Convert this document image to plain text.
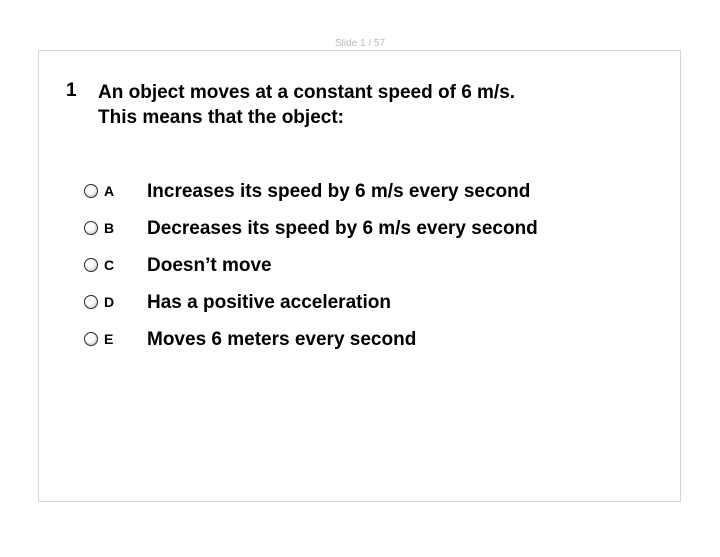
Slide 1 / 57
1 An object moves at a constant speed of 6 m/s.
This means that the object:
A Increases its speed by 6 m/s every second
B Decreases its speed by 6 m/s every second
C Doesn’t move
D Has a positive acceleration
E Moves 6 meters every second
